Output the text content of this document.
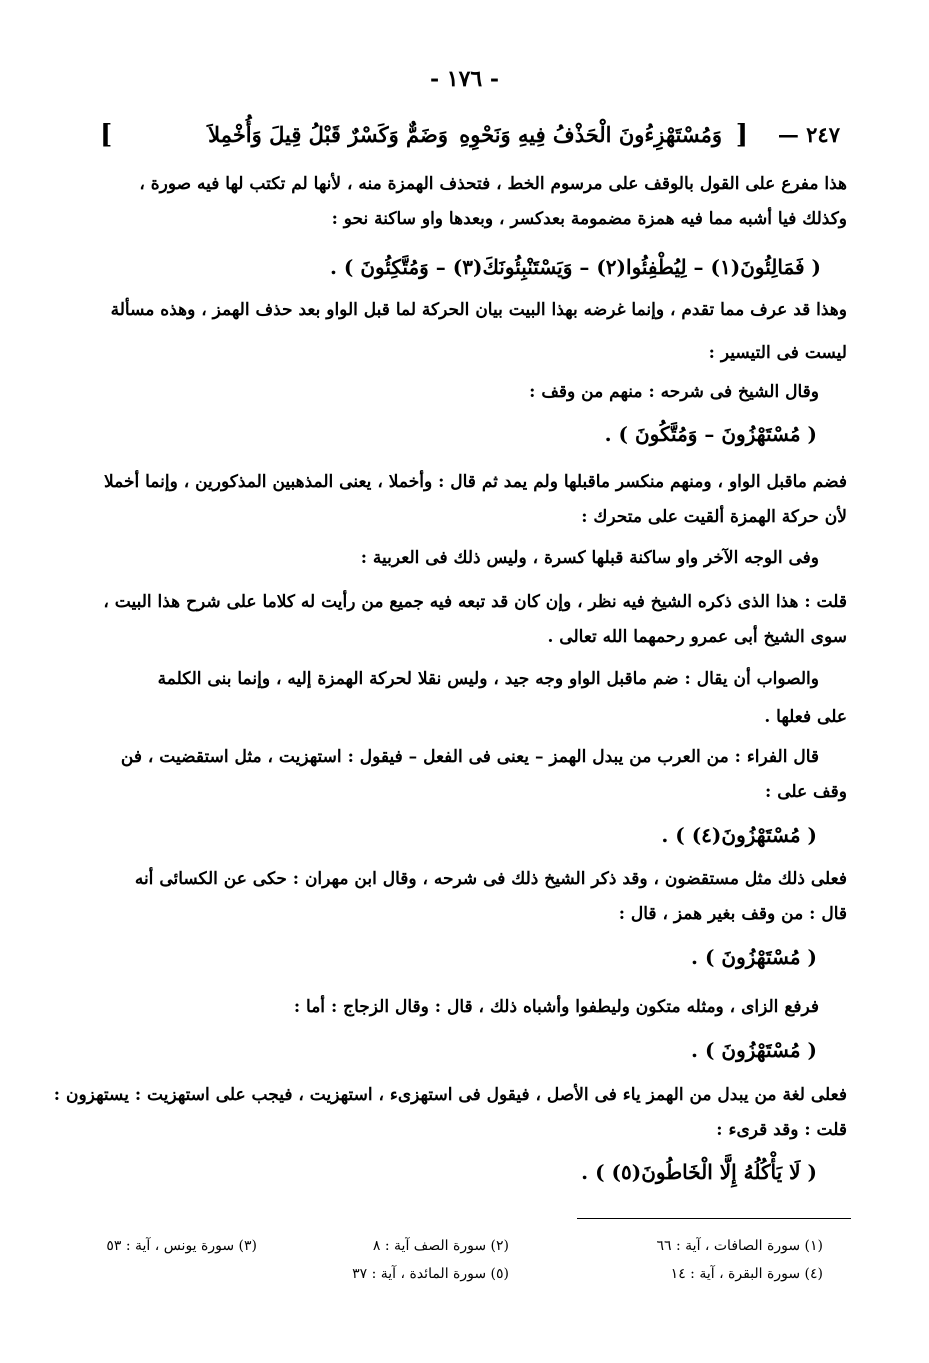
- ١٧٦ -
٢٤٧ —
[
وَمُسْتَهْزِءُونَ الْحَذْفُ فِيهِ وَنَحْوِهِ
وَضَمٌّ وَكَسْرٌ قَبْلُ قِيلَ وَأُخْمِلاَ
]
هذا مفرع على القول بالوقف على مرسوم الخط ، فتحذف الهمزة منه ، لأنها لم تكتب لها فيه صورة ،
وكذلك فيا أشبه مما فيه همزة مضمومة بعدكسر ، وبعدها واو ساكنة نحو :
( فَمَالِئُونَ(١) – لِيُطْفِئُوا(٢) – وَيَسْتَنْبِئُونَكَ(٣) – وَمُتَّكِئُونَ ) .
وهذا قد عرف مما تقدم ، وإنما غرضه بهذا البيت بيان الحركة لما قبل الواو بعد حذف الهمز ، وهذه مسألة
ليست فى التيسير :
وقال الشيخ فى شرحه : منهم من وقف :
( مُسْتَهْزُونَ – وَمُتَّكُونَ ) .
فضم ماقبل الواو ، ومنهم منكسر ماقبلها ولم يمد ثم قال : وأخملا ، يعنى المذهبين المذكورين ، وإنما أخملا
لأن حركة الهمزة ألقيت على متحرك :
وفى الوجه الآخر واو ساكنة قبلها كسرة ، وليس ذلك فى العربية :
قلت : هذا الذى ذكره الشيخ فيه نظر ، وإن كان قد تبعه فيه جميع من رأيت له كلاما على شرح هذا البيت ،
سوى الشيخ أبى عمرو رحمهما الله تعالى .
والصواب أن يقال : ضم ماقبل الواو وجه جيد ، وليس نقلا لحركة الهمزة إليه ، وإنما بنى الكلمة
على فعلها .
قال الفراء : من العرب من يبدل الهمز – يعنى فى الفعل – فيقول : استهزيت ، مثل استقضيت ، فن
وقف على :
( مُسْتَهْزُونَ(٤) ) .
فعلى ذلك مثل مستقضون ، وقد ذكر الشيخ ذلك فى شرحه ، وقال ابن مهران : حكى عن الكسائى أنه
قال : من وقف بغير همز ، قال :
( مُسْتَهْزُونَ ) .
فرفع الزاى ، ومثله متكون وليطفوا وأشباه ذلك ، قال : وقال الزجاج : أما :
( مُسْتَهْزُونَ ) .
فعلى لغة من يبدل من الهمز ياء فى الأصل ، فيقول فى استهزىء ، استهزيت ، فيجب على استهزيت : يستهزون :
قلت : وقد قرىء :
( لَا يَأْكُلُهُ إِلَّا الْخَاطُونَ(٥) ) .
(١) سورة الصافات ، آية : ٦٦
(٢) سورة الصف آية : ٨
(٣) سورة يونس ، آية : ٥٣
(٤) سورة البقرة ، آية : ١٤
(٥) سورة المائدة ، آية : ٣٧
